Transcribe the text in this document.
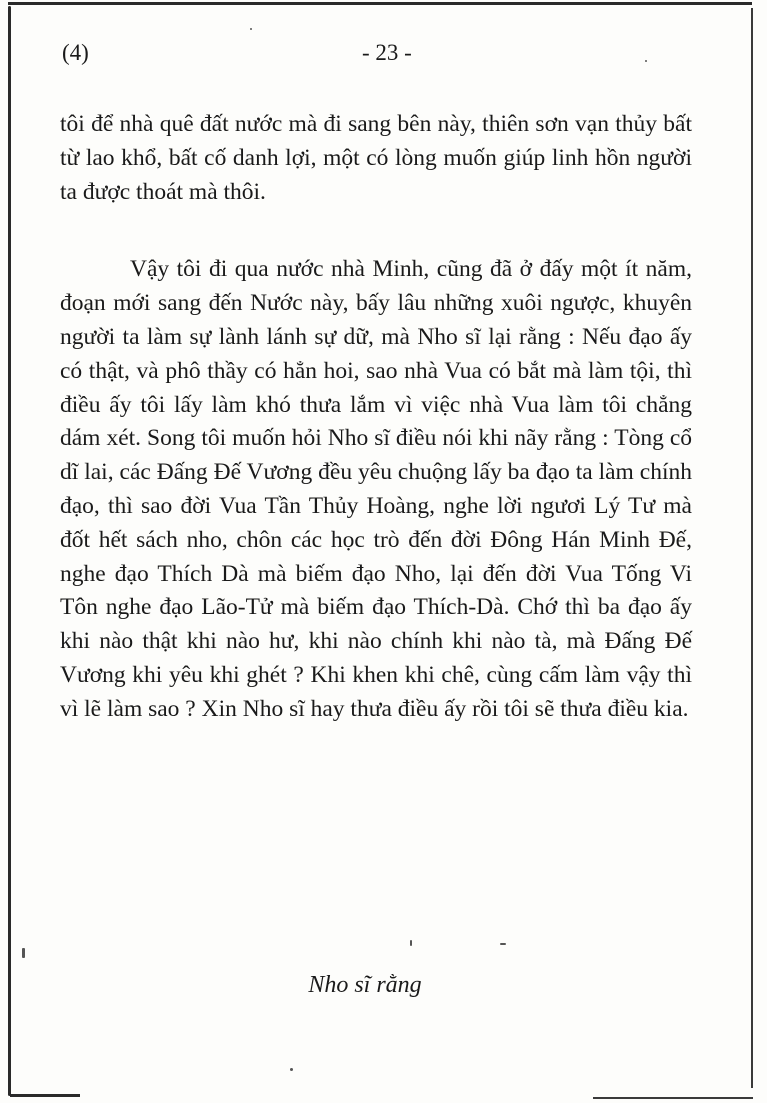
(4)	- 23 -

tôi để nhà quê đất nước mà đi sang bên này, thiên sơn vạn thủy bất từ lao khổ, bất cố danh lợi, một có lòng muốn giúp linh hồn người ta được thoát mà thôi.

Vậy tôi đi qua nước nhà Minh, cũng đã ở đấy một ít năm, đoạn mới sang đến Nước này, bấy lâu những xuôi ngược, khuyên người ta làm sự lành lánh sự dữ, mà Nho sĩ lại rằng : Nếu đạo ấy có thật, và phô thầy có hẳn hoi, sao nhà Vua có bắt mà làm tội, thì điều ấy tôi lấy làm khó thưa lắm vì việc nhà Vua làm tôi chẳng dám xét. Song tôi muốn hỏi Nho sĩ điều nói khi nãy rằng : Tòng cổ dĩ lai, các Đấng Đế Vương đều yêu chuộng lấy ba đạo ta làm chính đạo, thì sao đời Vua Tần Thủy Hoàng, nghe lời ngươi Lý Tư mà đốt hết sách nho, chôn các học trò đến đời Đông Hán Minh Đế, nghe đạo Thích Dà mà biếm đạo Nho, lại đến đời Vua Tống Vi Tôn nghe đạo Lão-Tử mà biếm đạo Thích-Dà. Chớ thì ba đạo ấy khi nào thật khi nào hư, khi nào chính khi nào tà, mà Đấng Đế Vương khi yêu khi ghét ? Khi khen khi chê, cùng cấm làm vậy thì vì lẽ làm sao ? Xin Nho sĩ hay thưa điều ấy rồi tôi sẽ thưa điều kia.

Nho sĩ rằng
